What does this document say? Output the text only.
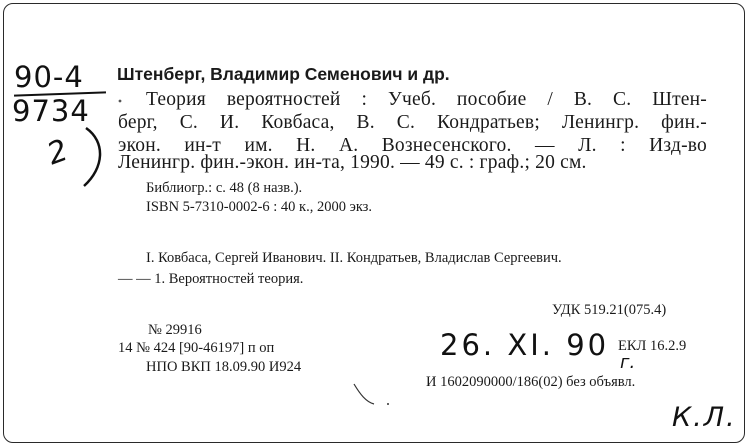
90-4
9734
2
Штенберг, Владимир Семенович и др.
Теория вероятностей : Учеб. пособие / В. С. Штен-
берг, С. И. Ковбаса, В. С. Кондратьев; Ленингр. фин.-
экон. ин-т им. Н. А. Вознесенского. — Л. : Изд-во
Ленингр. фин.-экон. ин-та, 1990. — 49 с. : граф.; 20 см.
Библиогр.: с. 48 (8 назв.).
ISBN 5-7310-0002-6 : 40 к., 2000 экз.
I. Ковбаса, Сергей Иванович. II. Кондратьев, Владислав Сергеевич.
— — 1. Вероятностей теория.
УДК 519.21(075.4)
№ 29916
14 № 424 [90-46197] п оп
НПО ВКП 18.09.90 И924
ЕКЛ 16.2.9
И 1602090000/186(02) без объявл.
26. XI. 90
г.
К.Л.
